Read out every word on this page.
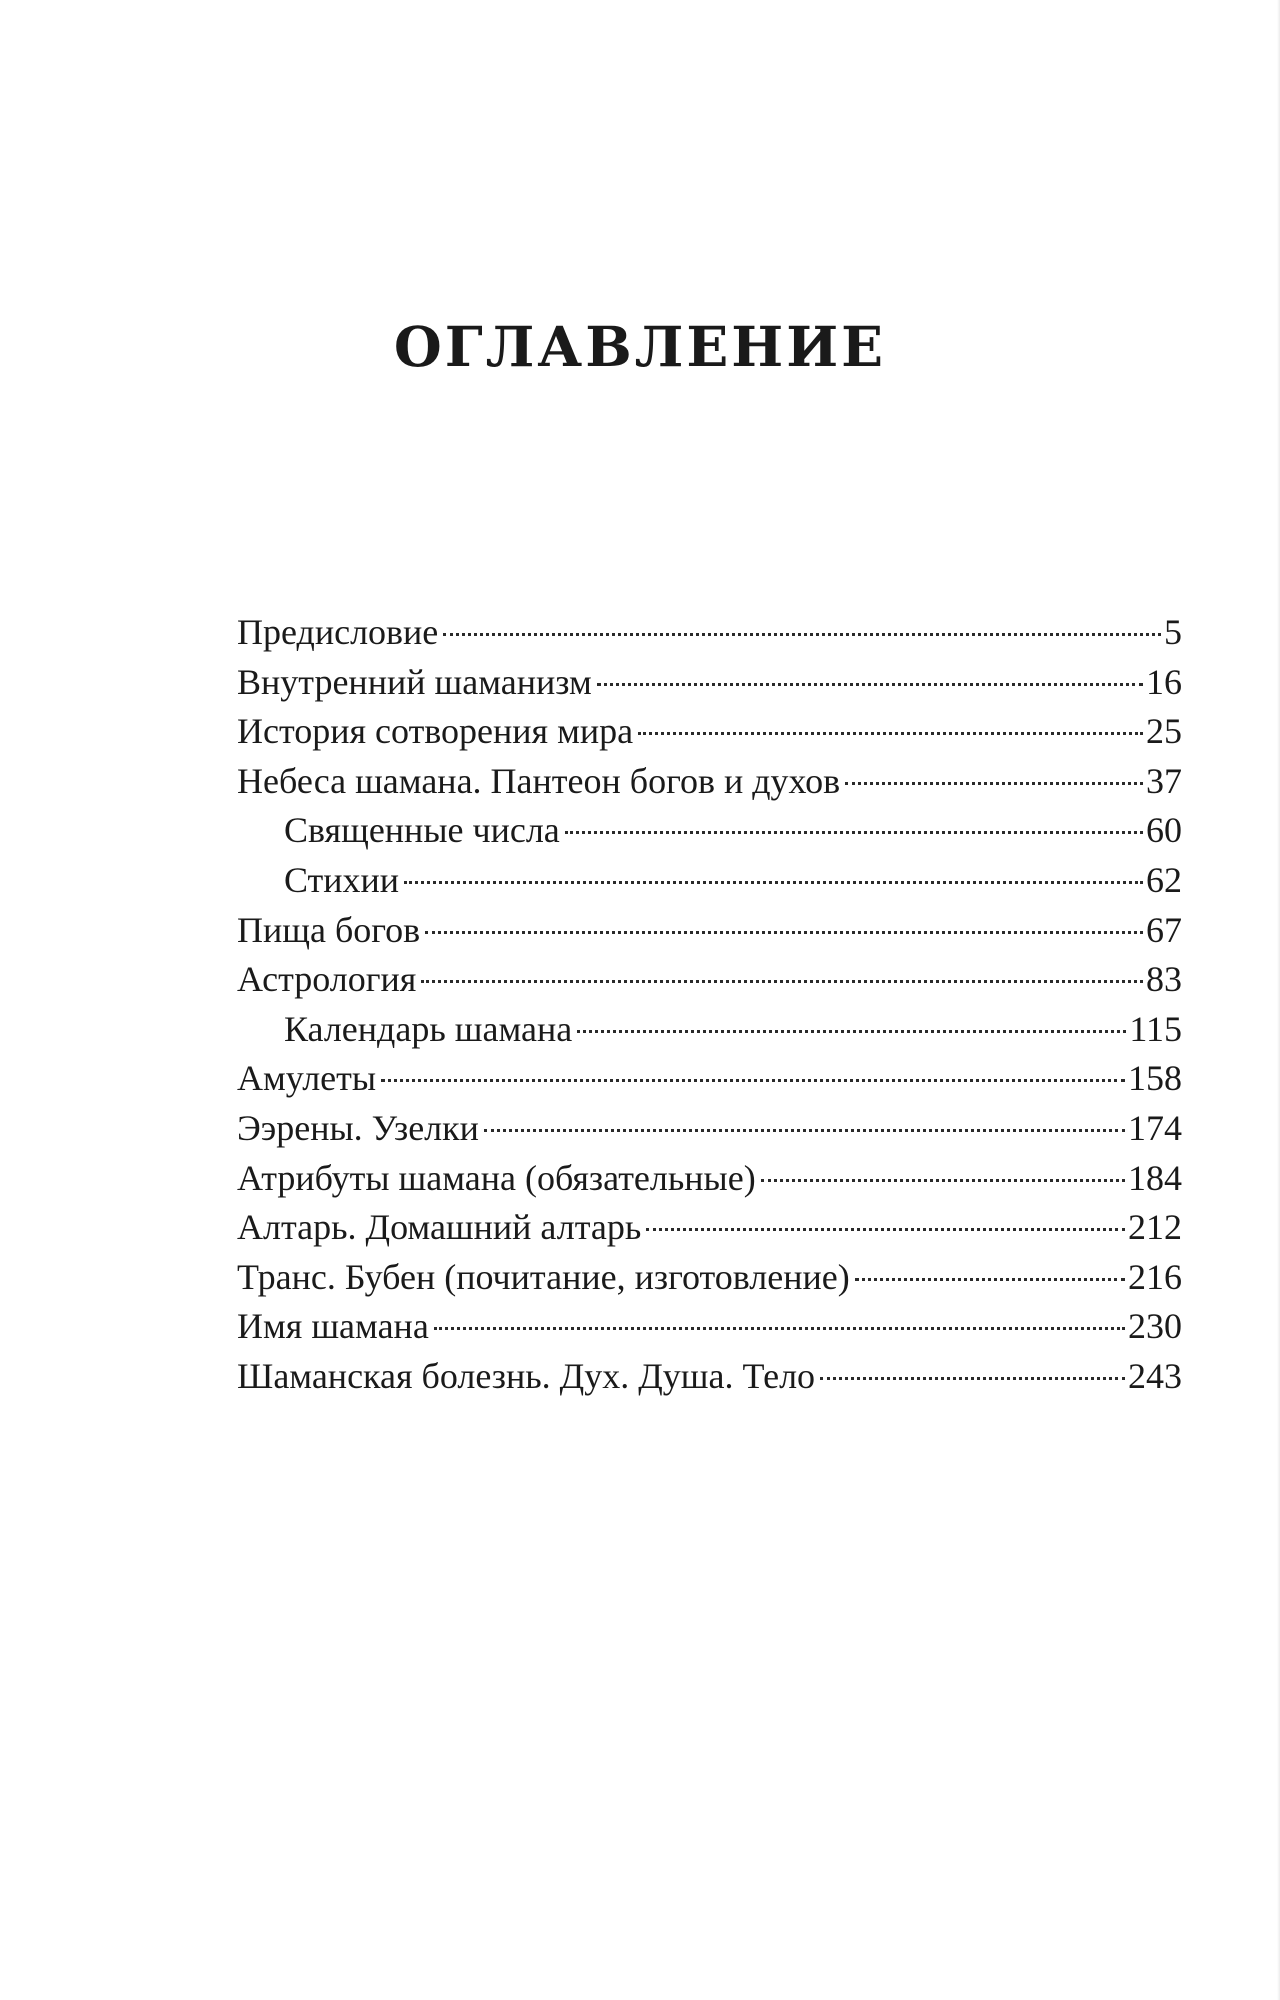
ОГЛАВЛЕНИЕ
Предисловие	5
Внутренний шаманизм	16
История сотворения мира	25
Небеса шамана. Пантеон богов и духов	37
Священные числа	60
Стихии	62
Пища богов	67
Астрология	83
Календарь шамана	115
Амулеты	158
Ээрены. Узелки	174
Атрибуты шамана (обязательные)	184
Алтарь. Домашний алтарь	212
Транс. Бубен (почитание, изготовление)	216
Имя шамана	230
Шаманская болезнь. Дух. Душа. Тело	243
